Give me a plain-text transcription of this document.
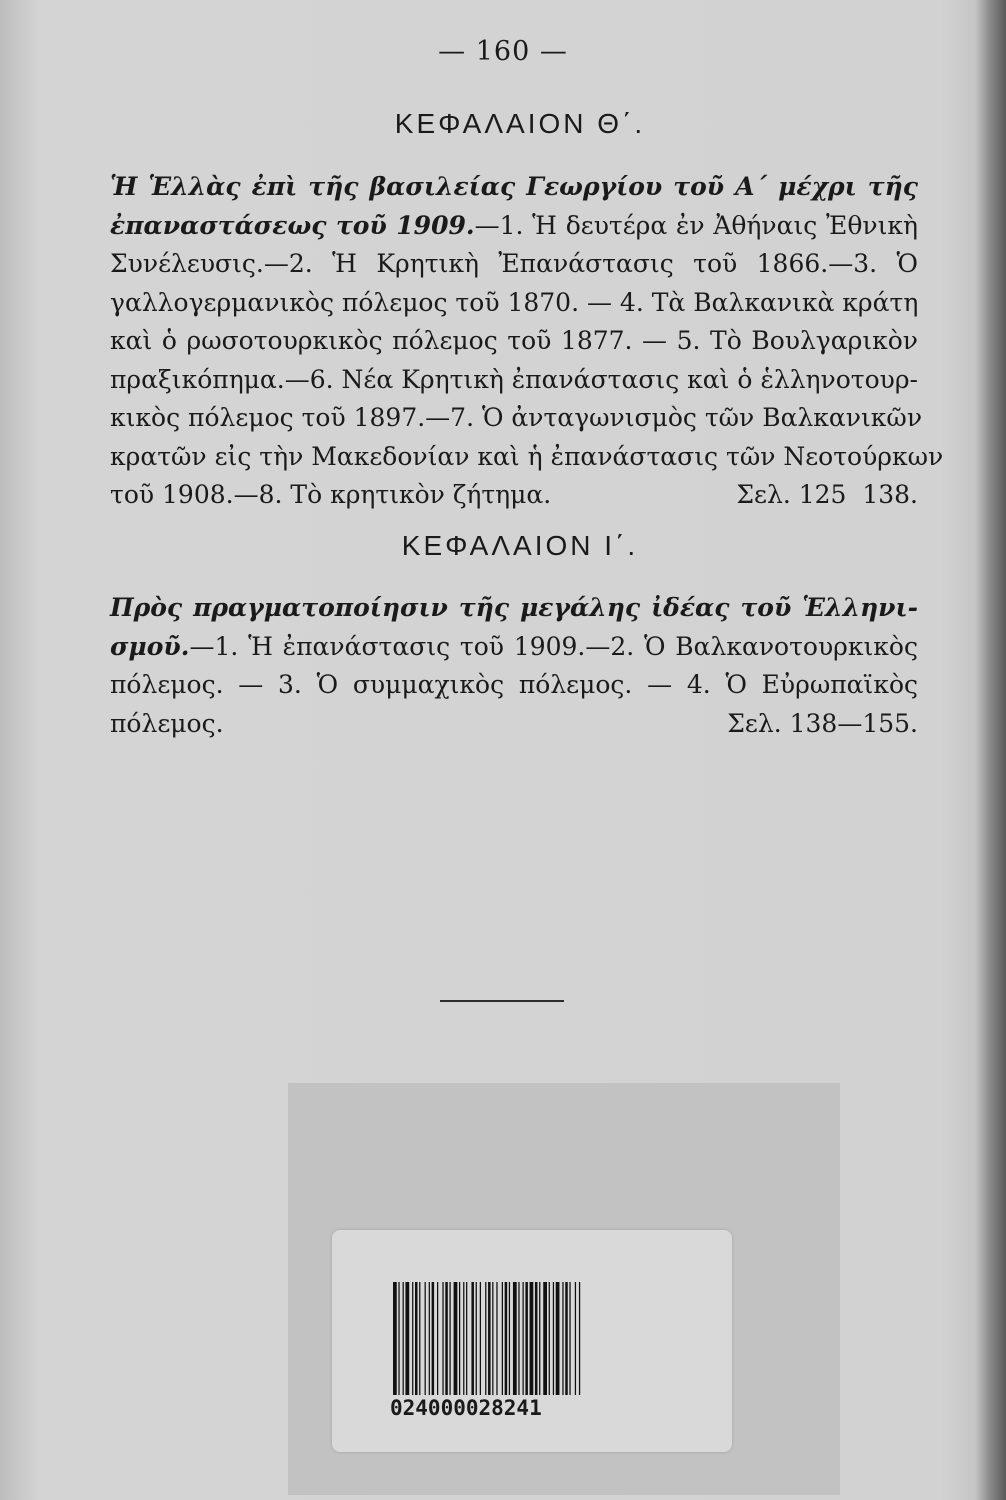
— 160 —
ΚΕΦΑΛΑΙΟΝ Θ΄.
Ἡ Ἑλλὰς ἐπὶ τῆς βασιλείας Γεωργίου τοῦ Α΄ μέχρι τῆς
ἐπαναστάσεως τοῦ 1909.—1. Ἡ δευτέρα ἐν Ἀθήναις Ἐθνικὴ
Συνέλευσις.—2. Ἡ Κρητικὴ Ἐπανάστασις τοῦ 1866.—3. Ὁ
γαλλογερμανικὸς πόλεμος τοῦ 1870. — 4. Τὰ Βαλκανικὰ κράτη
καὶ ὁ ρωσοτουρκικὸς πόλεμος τοῦ 1877. — 5. Τὸ Βουλγαρικὸν
πραξικόπημα.—6. Νέα Κρητικὴ ἐπανάστασις καὶ ὁ ἑλληνοτουρ-
κικὸς πόλεμος τοῦ 1897.—7. Ὁ ἀνταγωνισμὸς τῶν Βαλκανικῶν
κρατῶν εἰς τὴν Μακεδονίαν καὶ ἡ ἐπανάστασις τῶν Νεοτούρκων
τοῦ 1908.—8. Τὸ κρητικὸν ζήτημα.	Σελ. 125  138.
ΚΕΦΑΛΑΙΟΝ Ι΄.
Πρὸς πραγματοποίησιν τῆς μεγάλης ἰδέας τοῦ Ἑλληνι-
σμοῦ.—1. Ἡ ἐπανάστασις τοῦ 1909.—2. Ὁ Βαλκανοτουρκικὸς
πόλεμος. — 3. Ὁ συμμαχικὸς πόλεμος. — 4. Ὁ Εὐρωπαϊκὸς
πόλεμος.	Σελ. 138—155.
024000028241
